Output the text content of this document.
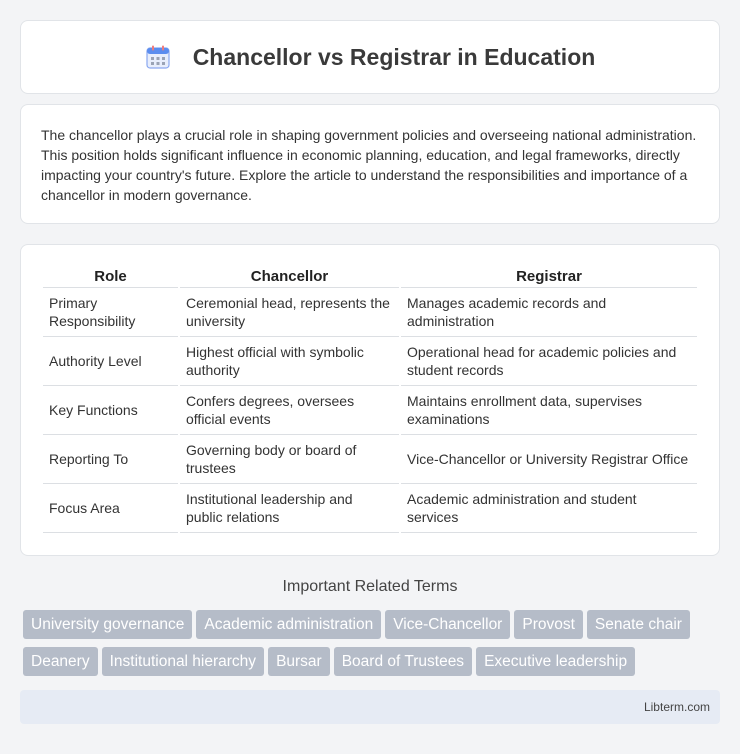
Chancellor vs Registrar in Education

The chancellor plays a crucial role in shaping government policies and overseeing national administration. This position holds significant influence in economic planning, education, and legal frameworks, directly impacting your country's future. Explore the article to understand the responsibilities and importance of a chancellor in modern governance.

Role	Chancellor	Registrar
Primary Responsibility	Ceremonial head, represents the university	Manages academic records and administration
Authority Level	Highest official with symbolic authority	Operational head for academic policies and student records
Key Functions	Confers degrees, oversees official events	Maintains enrollment data, supervises examinations
Reporting To	Governing body or board of trustees	Vice-Chancellor or University Registrar Office
Focus Area	Institutional leadership and public relations	Academic administration and student services
Important Related Terms
University governance Academic administration Vice-Chancellor Provost Senate chair
Deanery Institutional hierarchy Bursar Board of Trustees Executive leadership
Libterm.com
